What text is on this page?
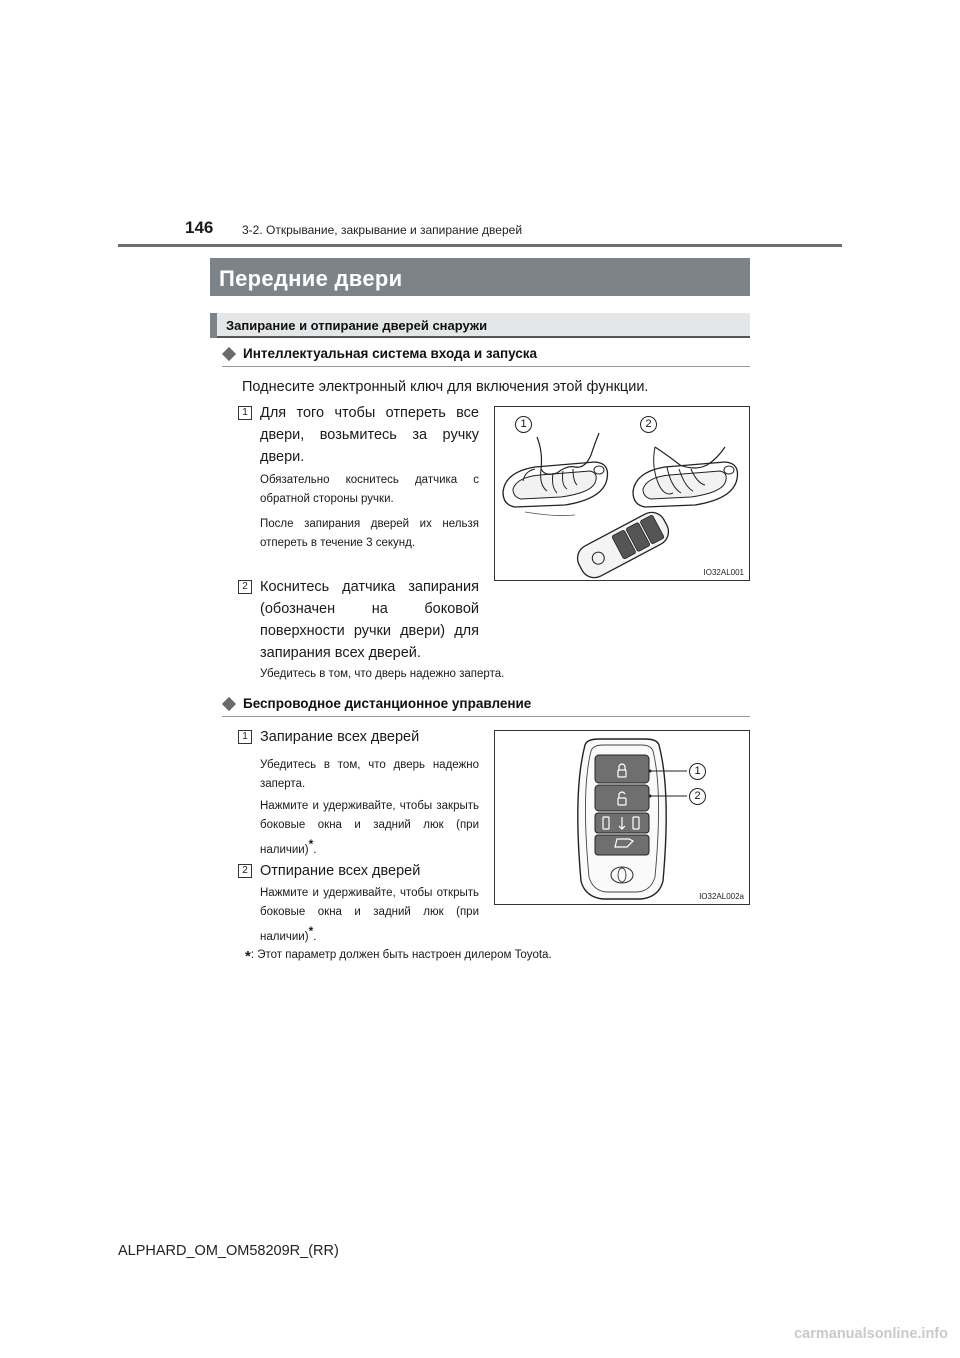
146 3-2. Открывание, закрывание и запирание дверей
Передние двери
Запирание и отпирание дверей снаружи
Интеллектуальная система входа и запуска
Поднесите электронный ключ для включения этой функции.
1 Для того чтобы отпереть все двери, возьмитесь за ручку двери.
Обязательно коснитесь датчика с обратной стороны ручки.
После запирания дверей их нельзя отпереть в течение 3 секунд.
2 Коснитесь датчика запирания (обозначен на боковой поверхности ручки двери) для запирания всех дверей.
Убедитесь в том, что дверь надежно заперта.
1	2
IO32AL001
Беспроводное дистанционное управление
1 Запирание всех дверей
Убедитесь в том, что дверь надежно заперта.
Нажмите и удерживайте, чтобы закрыть боковые окна и задний люк (при наличии)*.
2 Отпирание всех дверей
Нажмите и удерживайте, чтобы открыть боковые окна и задний люк (при наличии)*.
1
2
IO32AL002a
*: Этот параметр должен быть настроен дилером Toyota.
ALPHARD_OM_OM58209R_(RR)
carmanualsonline.info
